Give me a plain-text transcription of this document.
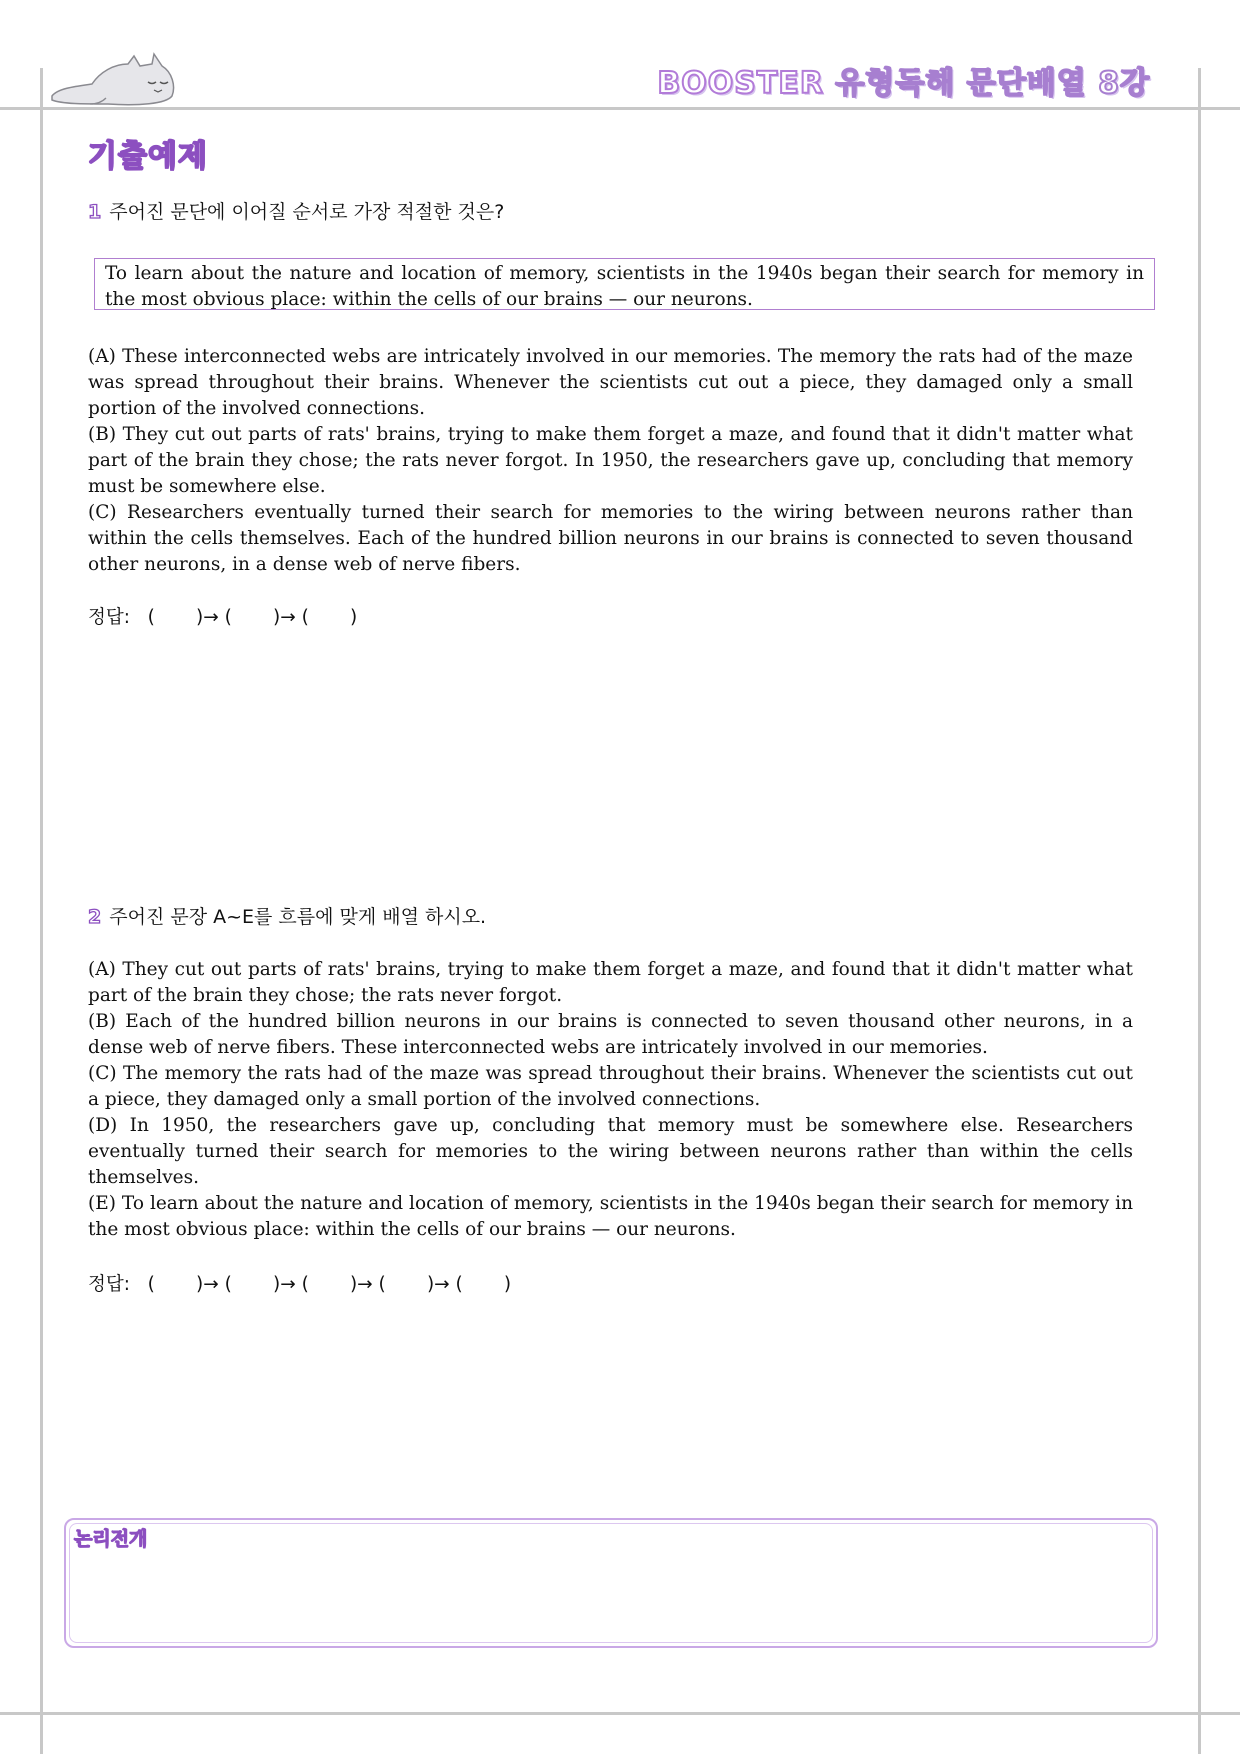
BOOSTER 유형독해 문단배열 8강
기출예제
1 주어진 문단에 이어질 순서로 가장 적절한 것은?
To learn about the nature and location of memory, scientists in the 1940s began their search for memory in the most obvious place: within the cells of our brains — our neurons.

(A) These interconnected webs are intricately involved in our memories. The memory the rats had of the maze was spread throughout their brains. Whenever the scientists cut out a piece, they damaged only a small portion of the involved connections.

(B) They cut out parts of rats' brains, trying to make them forget a maze, and found that it didn't matter what part of the brain they chose; the rats never forgot. In 1950, the researchers gave up, concluding that memory must be somewhere else.

(C) Researchers eventually turned their search for memories to the wiring between neurons rather than within the cells themselves. Each of the hundred billion neurons in our brains is connected to seven thousand other neurons, in a dense web of nerve fibers.

정답:   (       )→ (       )→ (       )
2 주어진 문장 A~E를 흐름에 맞게 배열 하시오.

(A) They cut out parts of rats' brains, trying to make them forget a maze, and found that it didn't matter what part of the brain they chose; the rats never forgot.

(B) Each of the hundred billion neurons in our brains is connected to seven thousand other neurons, in a dense web of nerve fibers. These interconnected webs are intricately involved in our memories.

(C) The memory the rats had of the maze was spread throughout their brains. Whenever the scientists cut out a piece, they damaged only a small portion of the involved connections.

(D) In 1950, the researchers gave up, concluding that memory must be somewhere else. Researchers eventually turned their search for memories to the wiring between neurons rather than within the cells themselves.

(E) To learn about the nature and location of memory, scientists in the 1940s began their search for memory in the most obvious place: within the cells of our brains — our neurons.

정답:   (       )→ (       )→ (       )→ (       )→ (       )
논리전개
